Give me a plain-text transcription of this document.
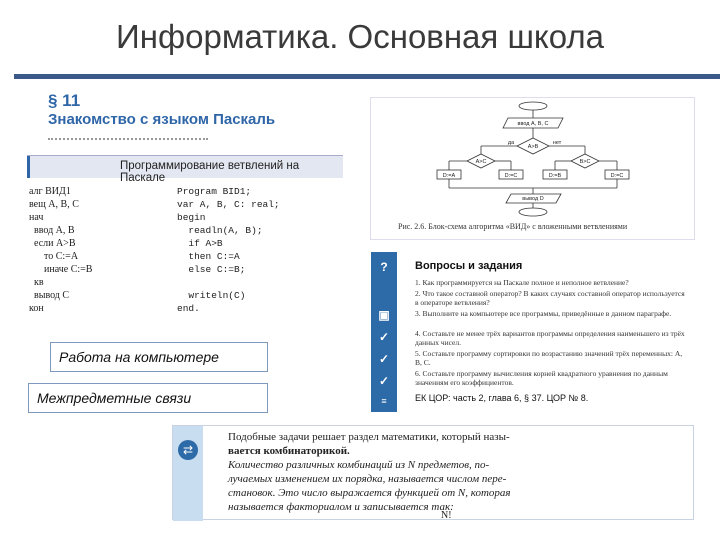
Информатика. Основная школа
§ 11
Знакомство с языком Паскаль
Программирование ветвлений на Паскале
алг ВИД1
вещ А, В, С
нач
ввод А, В
если А>В
то С:=А
иначе С:=В
кв
вывод С
кон
Program BID1;
var A, B, C: real;
begin
readln(A, B);
if A>B
then C:=A
else C:=B;
writeln(C)
end.
Работа на компьютере
Межпредметные связи
ввод A, B, C
A>B
A>C	B>C
D:=A	D:=C	D:=B	D:=C
вывод D
да	нет
Рис. 2.6. Блок-схема алгоритма «ВИД» с вложенными ветвлениями
?
▣
✓
✓
✓
≡
Вопросы и задания
1. Как программируется на Паскале полное и неполное ветвление?
2. Что такое составной оператор? В каких случаях составной оператор используется в операторе ветвления?
3. Выполните на компьютере все программы, приведённые в данном параграфе.
4. Составьте не менее трёх вариантов программы определения наименьшего из трёх данных чисел.
5. Составьте программу сортировки по возрастанию значений трёх переменных: A, B, C.
6. Составьте программу вычисления корней квадратного уравнения по данным значениям его коэффициентов.
ЕК ЦОР: часть 2, глава 6, § 37. ЦОР № 8.
⇄
Подобные задачи решает раздел математики, который назы-
вается комбинаторикой.
Количество различных комбинаций из N предметов, по-
лучаемых изменением их порядка, называется числом пере-
становок. Это число выражается функцией от N, которая
называется факториалом и записывается так:
N!
